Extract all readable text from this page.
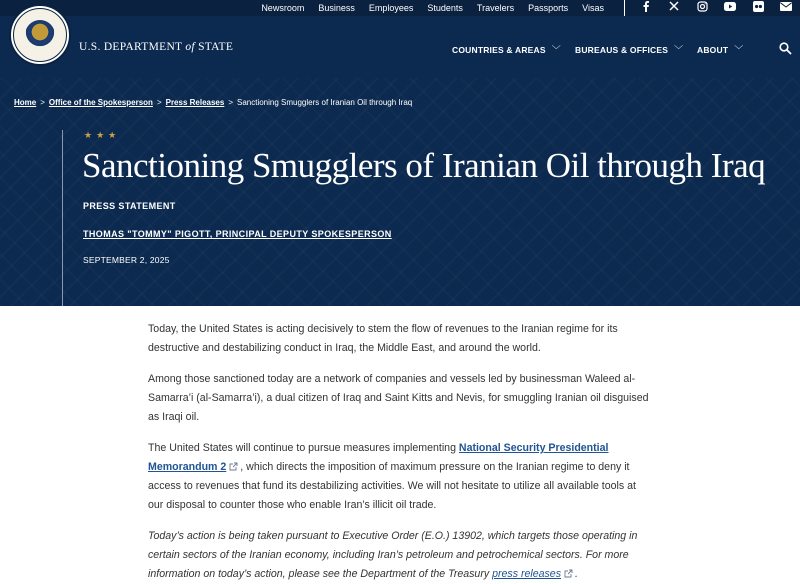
Newsroom Business Employees Students Travelers Passports Visas
U.S. DEPARTMENT of STATE	COUNTRIES & AREAS ﹀ BUREAUS & OFFICES ﹀ ABOUT ﹀
Home > Office of the Spokesperson > Press Releases > Sanctioning Smugglers of Iranian Oil through Iraq
★★★
Sanctioning Smugglers of Iranian Oil through Iraq
PRESS STATEMENT
THOMAS "TOMMY" PIGOTT, PRINCIPAL DEPUTY SPOKESPERSON
SEPTEMBER 2, 2025

Today, the United States is acting decisively to stem the flow of revenues to the Iranian regime for its destructive and destabilizing conduct in Iraq, the Middle East, and around the world.

Among those sanctioned today are a network of companies and vessels led by businessman Waleed al-Samarra’i (al-Samarra’i), a dual citizen of Iraq and Saint Kitts and Nevis, for smuggling Iranian oil disguised as Iraqi oil.

The United States will continue to pursue measures implementing National Security Presidential Memorandum 2 , which directs the imposition of maximum pressure on the Iranian regime to deny it access to revenues that fund its destabilizing activities. We will not hesitate to utilize all available tools at our disposal to counter those who enable Iran’s illicit oil trade.

Today’s action is being taken pursuant to Executive Order (E.O.) 13902, which targets those operating in certain sectors of the Iranian economy, including Iran’s petroleum and petrochemical sectors. For more information on today’s action, please see the Department of the Treasury press releases .
